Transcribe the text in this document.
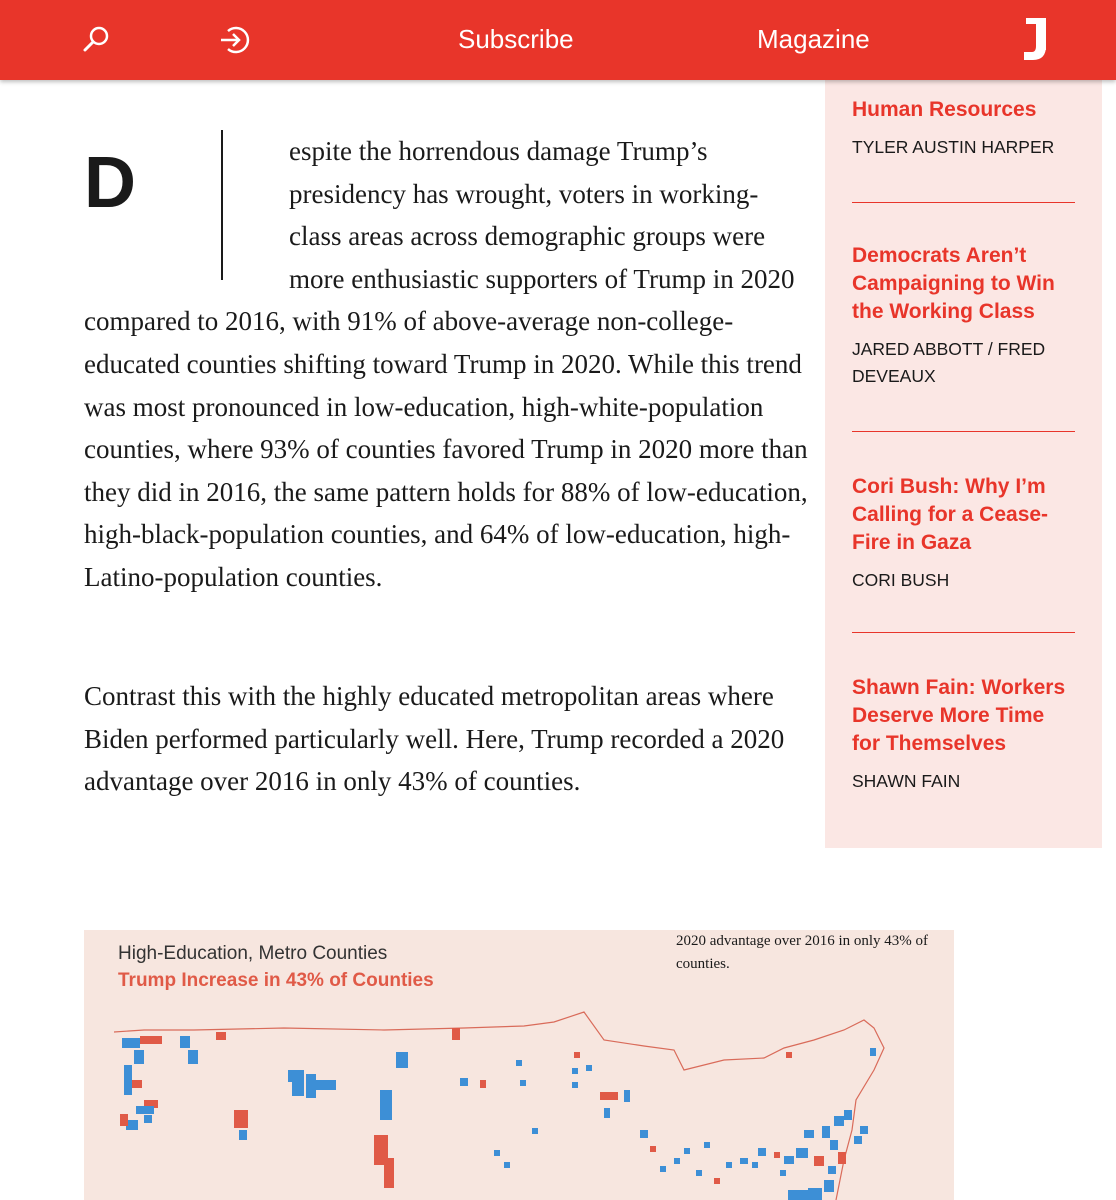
Subscribe	Magazine
D	espite the horrendous damage Trump’s presidency has wrought, voters in working-class areas across demographic groups were more enthusiastic supporters of Trump in 2020 compared to 2016, with 91% of above-average non-college-educated counties shifting toward Trump in 2020. While this trend was most pronounced in low-education, high-white-population counties, where 93% of counties favored Trump in 2020 more than they did in 2016, the same pattern holds for 88% of low-education, high-black-population counties, and 64% of low-education, high-Latino-population counties.

Contrast this with the highly educated metropolitan areas where Biden performed particularly well. Here, Trump recorded a 2020 advantage over 2016 in only 43% of counties.

Human Resources
TYLER AUSTIN HARPER
Democrats Aren’t Campaigning to Win the Working Class
JARED ABBOTT / FRED DEVEAUX
Cori Bush: Why I’m Calling for a Cease-Fire in Gaza
CORI BUSH
Shawn Fain: Workers Deserve More Time for Themselves
SHAWN FAIN
High-Education, Metro Counties
Trump Increase in 43% of Counties
2020 advantage over 2016 in only 43% of counties.
